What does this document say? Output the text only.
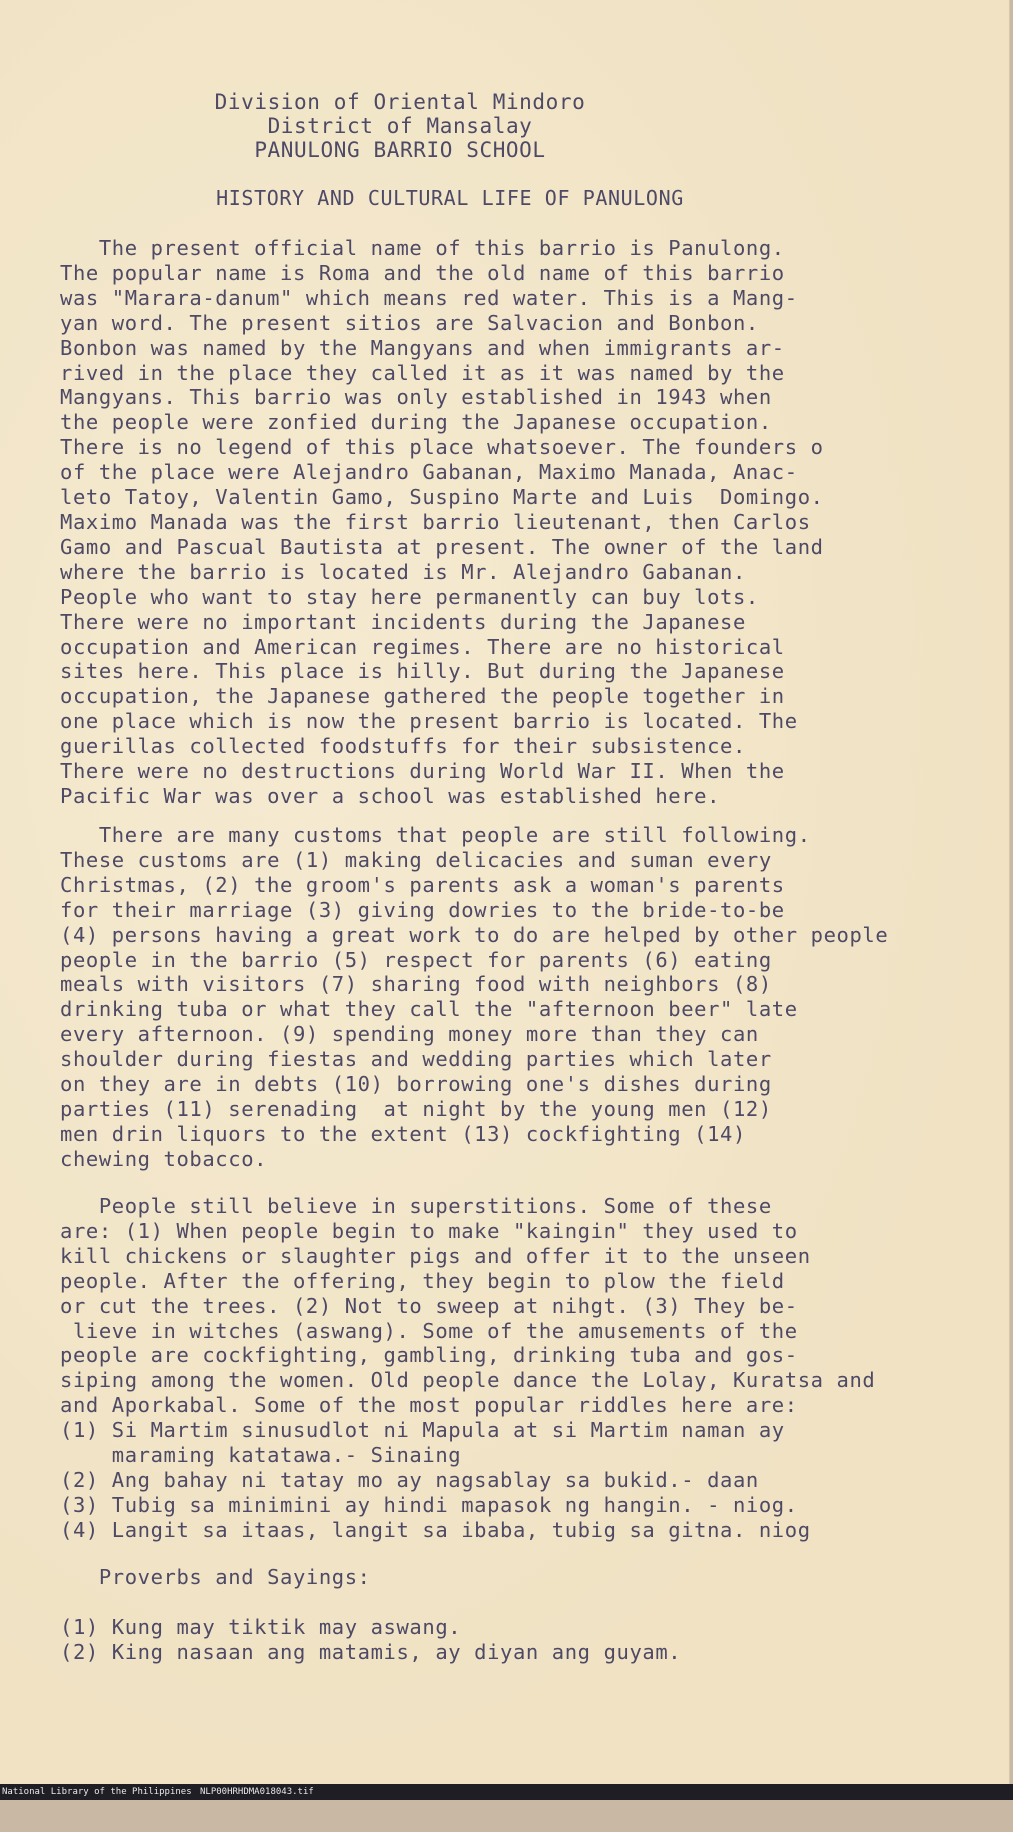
Division of Oriental Mindoro
District of Mansalay
PANULONG BARRIO SCHOOL
HISTORY AND CULTURAL LIFE OF PANULONG

The present official name of this barrio is Panulong.

The popular name is Roma and the old name of this barrio

was "Marara-danum" which means red water. This is a Mang-

yan word. The present sitios are Salvacion and Bonbon.

Bonbon was named by the Mangyans and when immigrants ar-

rived in the place they called it as it was named by the

Mangyans. This barrio was only established in 1943 when

the people were zonfied during the Japanese occupation.

There is no legend of this place whatsoever. The founders o

of the place were Alejandro Gabanan, Maximo Manada, Anac-

leto Tatoy, Valentin Gamo, Suspino Marte and Luis  Domingo.

Maximo Manada was the first barrio lieutenant, then Carlos

Gamo and Pascual Bautista at present. The owner of the land

where the barrio is located is Mr. Alejandro Gabanan.

People who want to stay here permanently can buy lots.

There were no important incidents during the Japanese

occupation and American regimes. There are no historical

sites here. This place is hilly. But during the Japanese

occupation, the Japanese gathered the people together in

one place which is now the present barrio is located. The

guerillas collected foodstuffs for their subsistence.

There were no destructions during World War II. When the

Pacific War was over a school was established here.

There are many customs that people are still following.

These customs are (1) making delicacies and suman every

Christmas, (2) the groom's parents ask a woman's parents

for their marriage (3) giving dowries to the bride-to-be

(4) persons having a great work to do are helped by other people

people in the barrio (5) respect for parents (6) eating

meals with visitors (7) sharing food with neighbors (8)

drinking tuba or what they call the "afternoon beer" late

every afternoon. (9) spending money more than they can

shoulder during fiestas and wedding parties which later

on they are in debts (10) borrowing one's dishes during

parties (11) serenading  at night by the young men (12)

men drin liquors to the extent (13) cockfighting (14)

chewing tobacco.

People still believe in superstitions. Some of these

are: (1) When people begin to make "kaingin" they used to

kill chickens or slaughter pigs and offer it to the unseen

people. After the offering, they begin to plow the field

or cut the trees. (2) Not to sweep at nihgt. (3) They be-

lieve in witches (aswang). Some of the amusements of the

people are cockfighting, gambling, drinking tuba and gos-

siping among the women. Old people dance the Lolay, Kuratsa and

and Aporkabal. Some of the most popular riddles here are:

(1) Si Martim sinusudlot ni Mapula at si Martim naman ay

maraming katatawa.- Sinaing

(2) Ang bahay ni tatay mo ay nagsablay sa bukid.- daan

(3) Tubig sa minimini ay hindi mapasok ng hangin. - niog.

(4) Langit sa itaas, langit sa ibaba, tubig sa gitna. niog

Proverbs and Sayings:

(1) Kung may tiktik may aswang.

(2) King nasaan ang matamis, ay diyan ang guyam.

National Library of the Philippines

NLP00HRHDMA018043.tif
